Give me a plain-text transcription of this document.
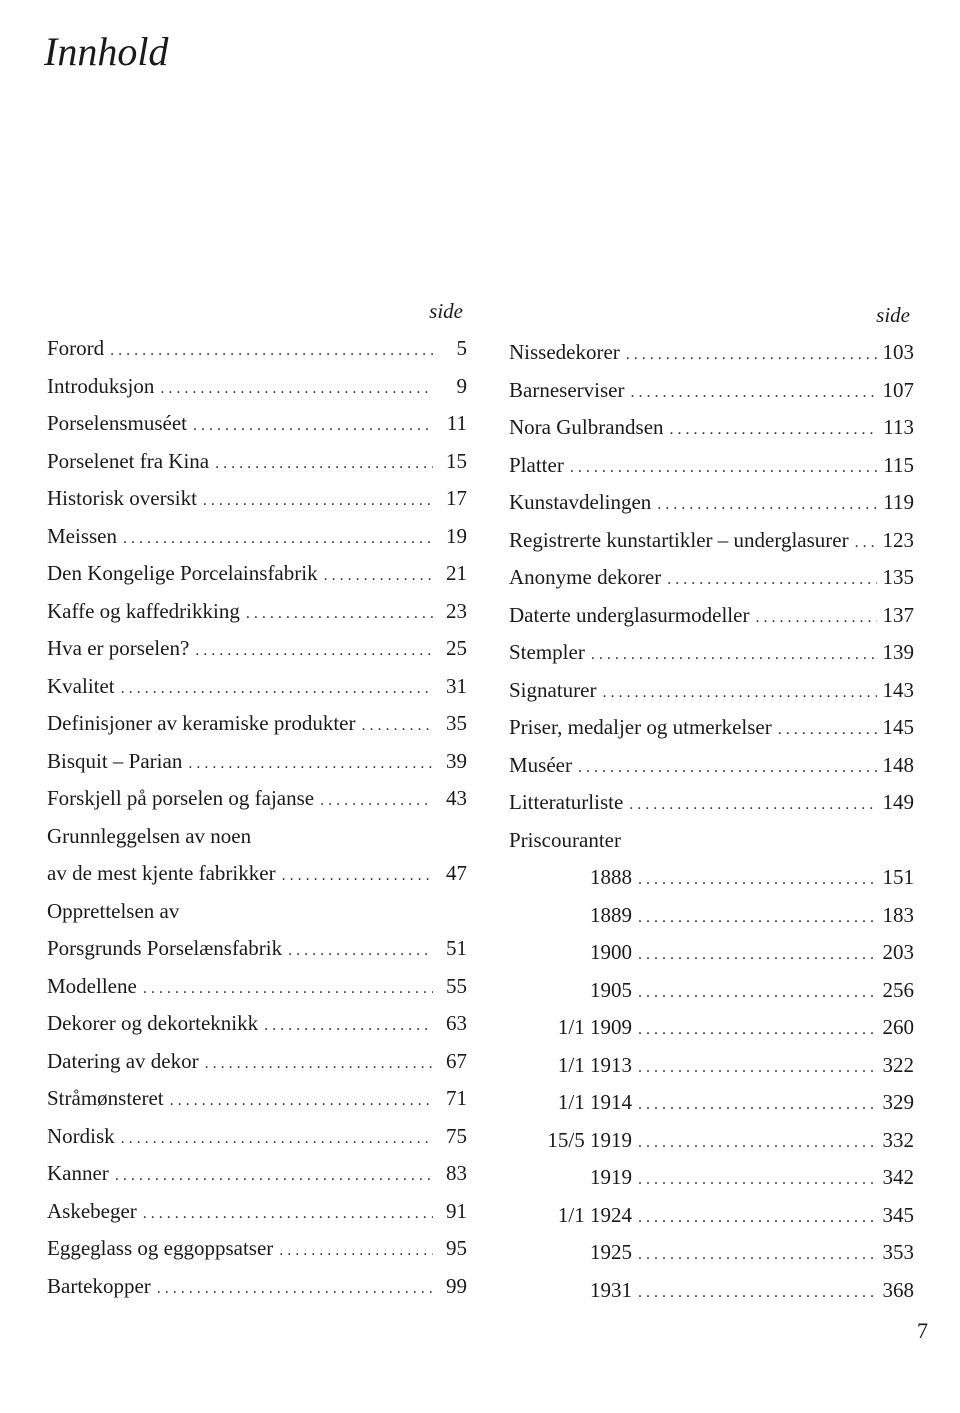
Innhold
side
Forord . . .	5
Introduksjon . . .	9
Porselensmuséet . . .	11
Porselenet fra Kina . . .	15
Historisk oversikt . . .	17
Meissen . . .	19
Den Kongelige Porcelainsfabrik . . .	21
Kaffe og kaffedrikking . . .	23
Hva er porselen? . . .	25
Kvalitet . . .	31
Definisjoner av keramiske produkter . . .	35
Bisquit – Parian . . .	39
Forskjell på porselen og fajanse . . .	43
Grunnleggelsen av noen
av de mest kjente fabrikker . . .	47
Opprettelsen av
Porsgrunds Porselænsfabrik . . .	51
Modellene . . .	55
Dekorer og dekorteknikk . . .	63
Datering av dekor . . .	67
Stråmønsteret . . .	71
Nordisk . . .	75
Kanner . . .	83
Askebeger . . .	91
Eggeglass og eggoppsatser . . .	95
Bartekopper . . .	99
side
Nissedekorer . . .	103
Barneserviser . . .	107
Nora Gulbrandsen . . .	113
Platter . . .	115
Kunstavdelingen . . .	119
Registrerte kunstartikler – underglasurer . . . 123
Anonyme dekorer . . .	135
Daterte underglasurmodeller . . .	137
Stempler . . .	139
Signaturer . . .	143
Priser, medaljer og utmerkelser . . .	145
Muséer . . .	148
Litteraturliste . . .	149
Priscouranter
1888 . . .	151
1889 . . .	183
1900 . . .	203
1905 . . .	256
1/1 1909 . . .	260
1/1 1913 . . .	322
1/1 1914 . . .	329
15/5 1919 . . .	332
1919 . . .	342
1/1 1924 . . .	345
1925 . . .	353
1931 . . .	368
7
